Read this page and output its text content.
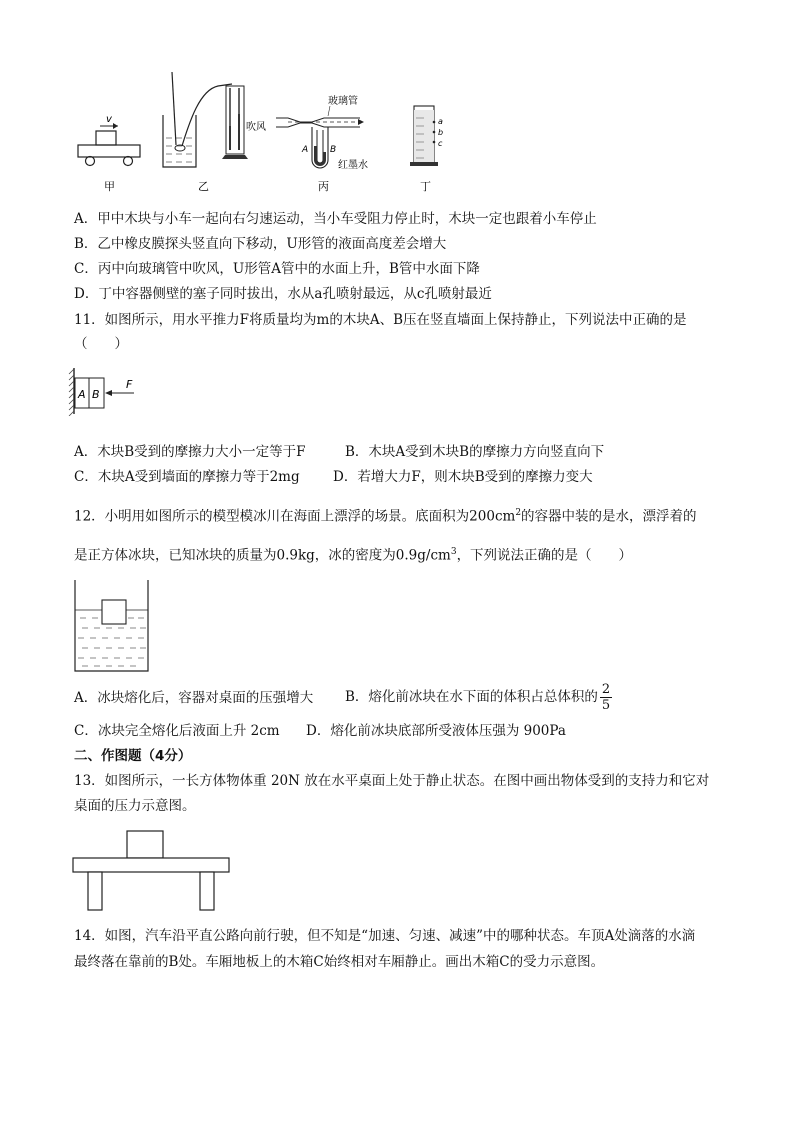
v
甲	乙
吹风
玻璃管
A B
红墨水
丙
a
b
c
丁
A．甲中木块与小车一起向右匀速运动，当小车受阻力停止时，木块一定也跟着小车停止
B．乙中橡皮膜探头竖直向下移动，U形管的液面高度差会增大
C．丙中向玻璃管中吹风，U形管A管中的水面上升，B管中水面下降
D．丁中容器侧壁的塞子同时拔出，水从a孔喷射最远，从c孔喷射最近
11．如图所示，用水平推力F将质量均为m的木块A、B压在竖直墙面上保持静止，下列说法中正确的是
（　　）
A B
F
A．木块B受到的摩擦力大小一定等于F	B．木块A受到木块B的摩擦力方向竖直向下
C．木块A受到墙面的摩擦力等于2mg D．若增大力F，则木块B受到的摩擦力变大
12．小明用如图所示的模型模冰川在海面上漂浮的场景。底面积为$200cm^2$的容器中装的是水，漂浮着的
是正方体冰块，已知冰块的质量为0.9kg，冰的密度为$0.9g/cm^3$，下列说法正确的是（　　）
A．冰块熔化后，容器对桌面的压强增大 B．熔化前冰块在水下面的体积占总体积的 $\frac{2}{5}$
C．冰块完全熔化后液面上升 2cm D．熔化前冰块底部所受液体压强为 900Pa
二、作图题（4分）
13．如图所示，一长方体物体重 20N 放在水平桌面上处于静止状态。在图中画出物体受到的支持力和它对
桌面的压力示意图。
14．如图，汽车沿平直公路向前行驶，但不知是“加速、匀速、减速”中的哪种状态。车顶A处滴落的水滴
最终落在靠前的B处。车厢地板上的木箱C始终相对车厢静止。画出木箱C的受力示意图。
